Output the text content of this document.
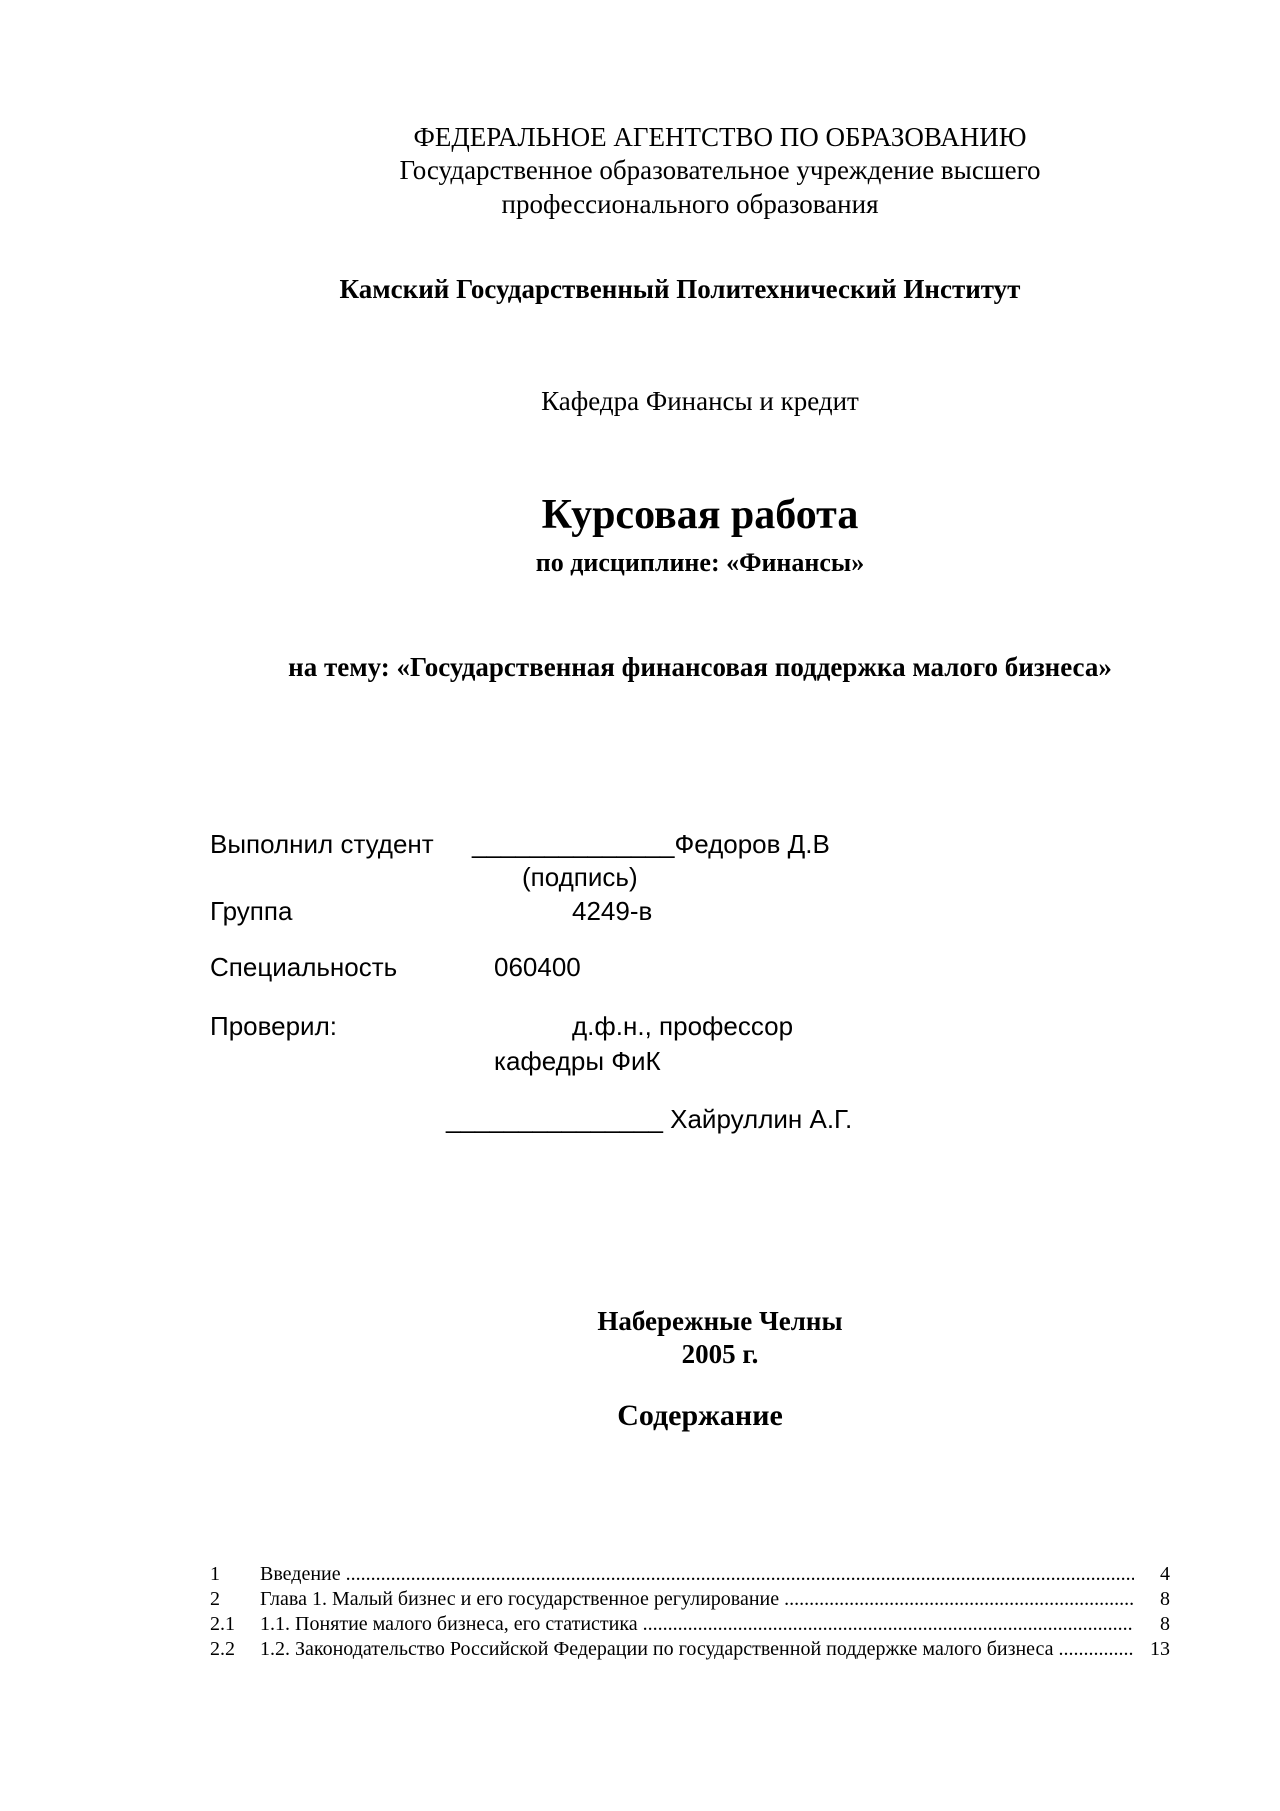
ФЕДЕРАЛЬНОЕ АГЕНТСТВО ПО ОБРАЗОВАНИЮ
Государственное образовательное учреждение высшего
профессионального образования
Камский Государственный Политехнический Институт
Кафедра Финансы и кредит
Курсовая работа
по дисциплине: «Финансы»
на тему: «Государственная финансовая поддержка малого бизнеса»
Выполнил студент ______________Федоров Д.В
(подпись)
Группа	4249-в
Специальность	060400
Проверил:	д.ф.н., профессор
кафедры ФиК
_______________ Хайруллин А.Г.
Набережные Челны
2005 г.
Содержание
1 Введение .....	4
2 Глава 1. Малый бизнес и его государственное регулирование .....	8
2.1 1.1. Понятие малого бизнеса, его статистика .....	8
2.2 1.2. Законодательство Российской Федерации по государственной поддержке малого бизнеса .....	13
